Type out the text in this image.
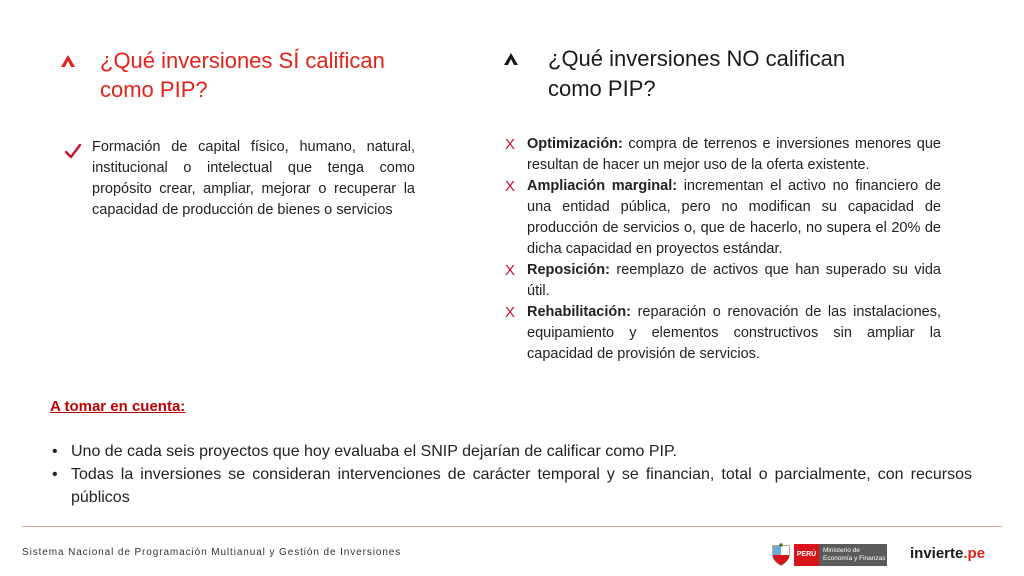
¿Qué inversiones SÍ califican como PIP?
¿Qué inversiones NO califican como PIP?
Formación de capital físico, humano, natural, institucional o intelectual que tenga como propósito crear, ampliar, mejorar o recuperar la capacidad de producción de bienes o servicios
X Optimización: compra de terrenos e inversiones menores que resultan de hacer un mejor uso de la oferta existente.
X Ampliación marginal: incrementan el activo no financiero de una entidad pública, pero no modifican su capacidad de producción de servicios o, que de hacerlo, no supera el 20% de dicha capacidad en proyectos estándar.
X Reposición: reemplazo de activos que han superado su vida útil.
X Rehabilitación: reparación o renovación de las instalaciones, equipamiento y elementos constructivos sin ampliar la capacidad de provisión de servicios.
A tomar en cuenta:
• Uno de cada seis proyectos que hoy evaluaba el SNIP dejarían de calificar como PIP.
• Todas la inversiones se consideran intervenciones de carácter temporal y se financian, total o parcialmente, con recursos públicos
Sistema Nacional de Programación Multianual y Gestión de Inversiones	PERÚ
Ministerio de Economía y Finanzas invierte.pe
